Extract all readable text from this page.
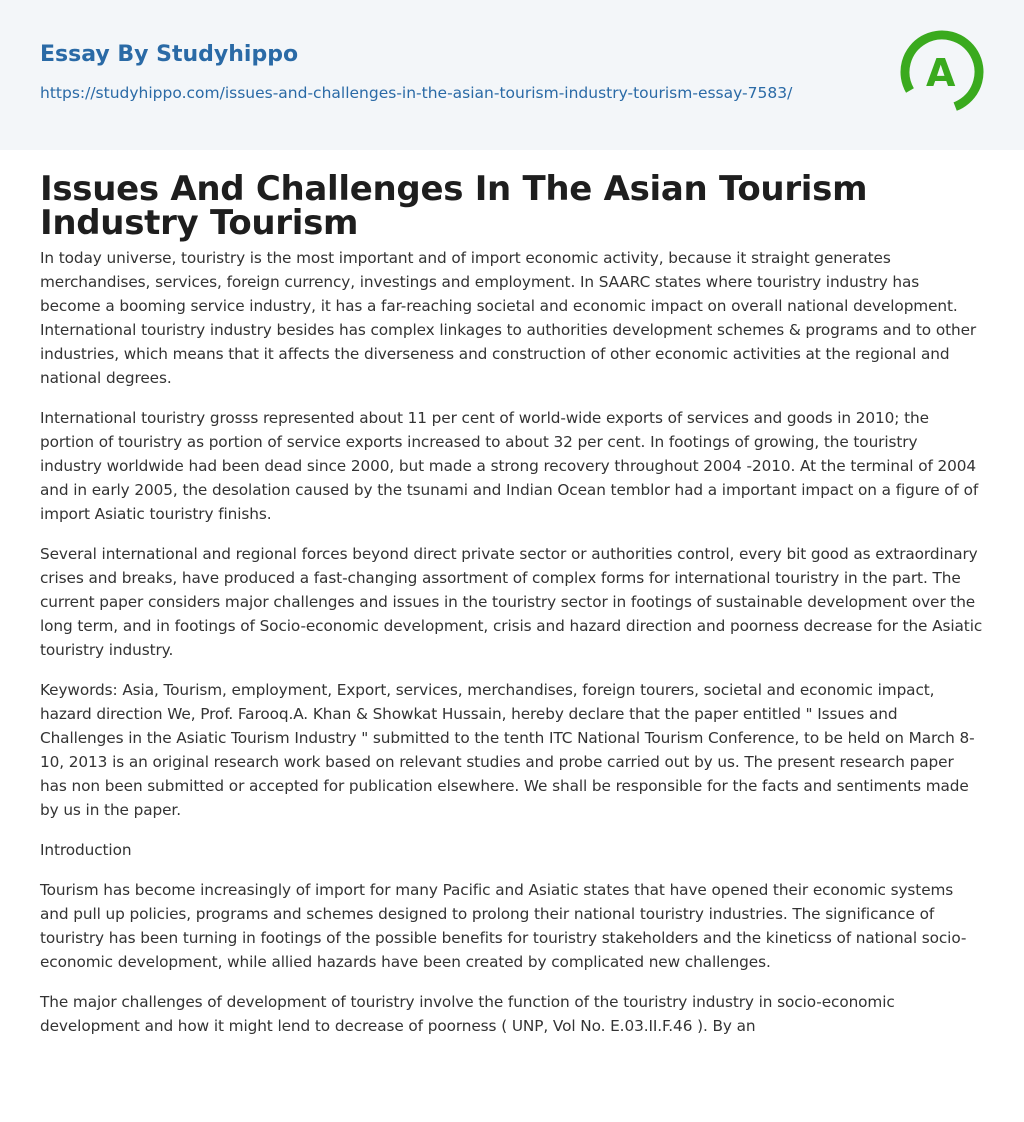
Essay By Studyhippo
https://studyhippo.com/issues-and-challenges-in-the-asian-tourism-industry-tourism-essay-7583/	A
Issues And Challenges In The Asian Tourism Industry Tourism

In today universe, touristry is the most important and of import economic activity, because it straight generates merchandises, services, foreign currency, investings and employment. In SAARC states where touristry industry has become a booming service industry, it has a far-reaching societal and economic impact on overall national development. International touristry industry besides has complex linkages to authorities development schemes & programs and to other industries, which means that it affects the diverseness and construction of other economic activities at the regional and national degrees.

International touristry grosss represented about 11 per cent of world-wide exports of services and goods in 2010; the portion of touristry as portion of service exports increased to about 32 per cent. In footings of growing, the touristry industry worldwide had been dead since 2000, but made a strong recovery throughout 2004 -2010. At the terminal of 2004 and in early 2005, the desolation caused by the tsunami and Indian Ocean temblor had a important impact on a figure of of import Asiatic touristry finishs.

Several international and regional forces beyond direct private sector or authorities control, every bit good as extraordinary crises and breaks, have produced a fast-changing assortment of complex forms for international touristry in the part. The current paper considers major challenges and issues in the touristry sector in footings of sustainable development over the long term, and in footings of Socio-economic development, crisis and hazard direction and poorness decrease for the Asiatic touristry industry.

Keywords: Asia, Tourism, employment, Export, services, merchandises, foreign tourers, societal and economic impact, hazard direction We, Prof. Farooq.A. Khan & Showkat Hussain, hereby declare that the paper entitled " Issues and Challenges in the Asiatic Tourism Industry " submitted to the tenth ITC National Tourism Conference, to be held on March 8-10, 2013 is an original research work based on relevant studies and probe carried out by us. The present research paper has non been submitted or accepted for publication elsewhere. We shall be responsible for the facts and sentiments made by us in the paper.

Introduction

Tourism has become increasingly of import for many Pacific and Asiatic states that have opened their economic systems and pull up policies, programs and schemes designed to prolong their national touristry industries. The significance of touristry has been turning in footings of the possible benefits for touristry stakeholders and the kineticss of national socio-economic development, while allied hazards have been created by complicated new challenges.

The major challenges of development of touristry involve the function of the touristry industry in socio-economic development and how it might lend to decrease of poorness ( UNP, Vol No. E.03.II.F.46 ). By an
